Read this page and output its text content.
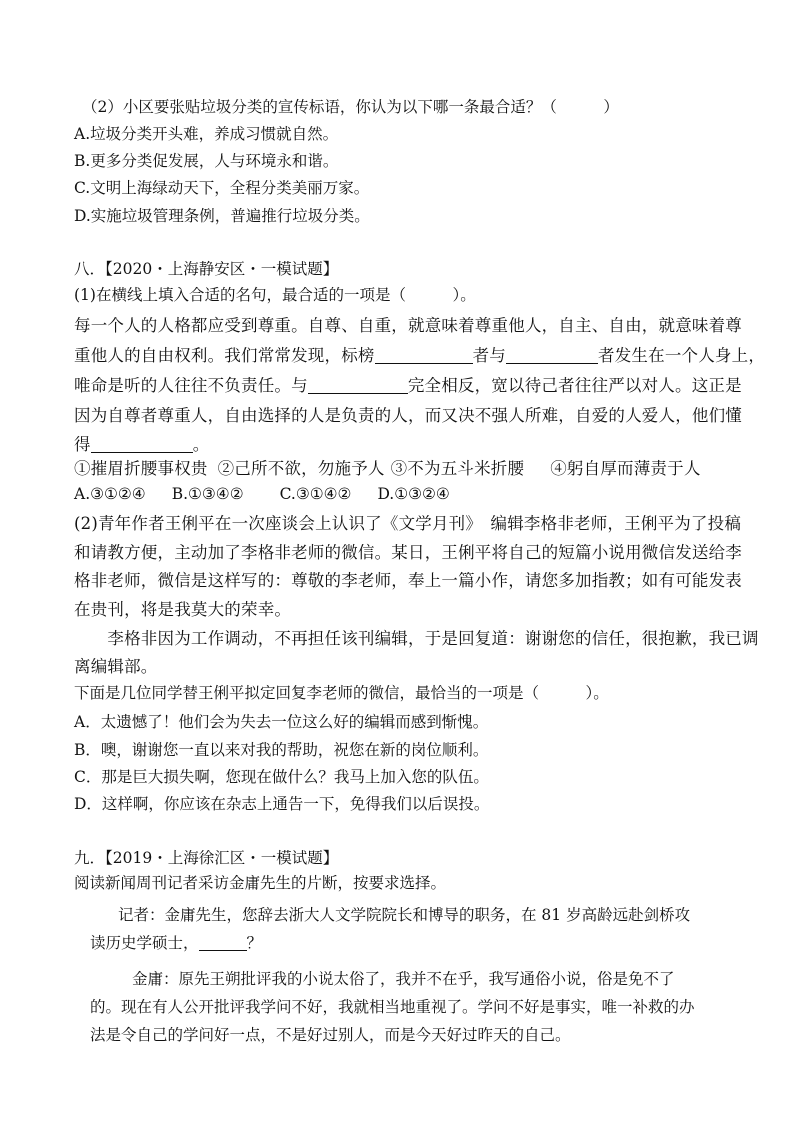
（2）小区要张贴垃圾分类的宣传标语，你认为以下哪一条最合适？（　　　）
A.垃圾分类开头难，养成习惯就自然。
B.更多分类促发展，人与环境永和谐。
C.文明上海绿动天下，全程分类美丽万家。
D.实施垃圾管理条例，普遍推行垃圾分类。
八．【2020・上海静安区・一模试题】
(1)在横线上填入合适的名句，最合适的一项是（　　　）。
每一个人的人格都应受到尊重。自尊、自重，就意味着尊重他人，自主、自由，就意味着尊
重他人的自由权利。我们常常发现，标榜	者与	者发生在一个人身上，
唯命是听的人往往不负责任。与	完全相反，宽以待己者往往严以对人。这正是
因为自尊者尊重人，自由选择的人是负责的人，而又决不强人所难，自爱的人爱人，他们懂
得	。
①摧眉折腰事权贵 ②己所不欲，勿施予人 ③不为五斗米折腰 ④躬自厚而薄责于人
A.③①②④ B.①③④② C.③①④② D.①③②④
(2)青年作者王俐平在一次座谈会上认识了《文学月刊》　编辑李格非老师，王俐平为了投稿
和请教方便，主动加了李格非老师的微信。某日，王俐平将自己的短篇小说用微信发送给李
格非老师，微信是这样写的：尊敬的李老师，奉上一篇小作，请您多加指教；如有可能发表
在贵刊，将是我莫大的荣幸。
　　李格非因为工作调动，不再担任该刊编辑，于是回复道：谢谢您的信任，很抱歉，我已调
离编辑部。
下面是几位同学替王俐平拟定回复李老师的微信，最恰当的一项是（　　　）。
A．太遗憾了！他们会为失去一位这么好的编辑而感到惭愧。
B．噢，谢谢您一直以来对我的帮助，祝您在新的岗位顺利。
C．那是巨大损失啊，您现在做什么？我马上加入您的队伍。
D．这样啊，你应该在杂志上通告一下，免得我们以后误投。
九．【2019・上海徐汇区・一模试题】
阅读新闻周刊记者采访金庸先生的片断，按要求选择。
记者：金庸先生，您辞去浙大人文学院院长和博导的职务，在 81 岁高龄远赴剑桥攻
读历史学硕士，	？
金庸：原先王朔批评我的小说太俗了，我并不在乎，我写通俗小说，俗是免不了
的。现在有人公开批评我学问不好，我就相当地重视了。学问不好是事实，唯一补救的办
法是令自己的学问好一点，不是好过别人，而是今天好过昨天的自己。
